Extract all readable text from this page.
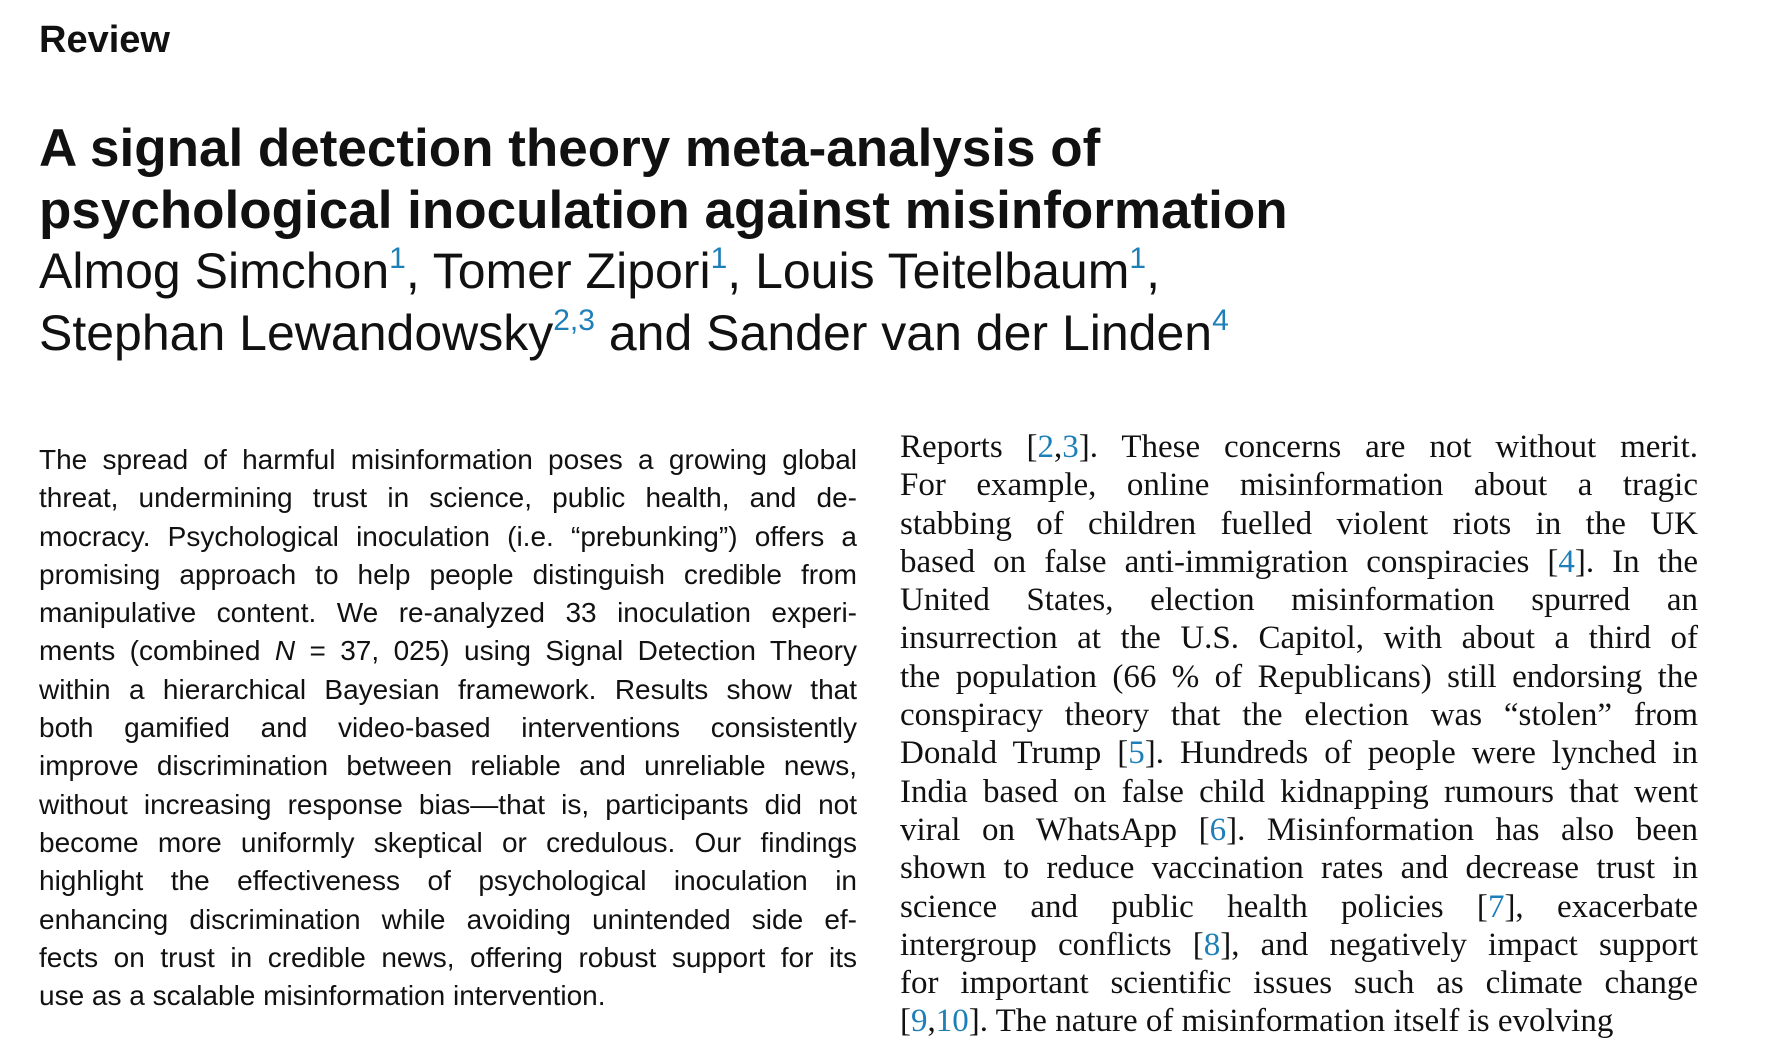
Review
A signal detection theory meta-analysis of
psychological inoculation against misinformation
Almog Simchon$^1$, Tomer Zipori$^1$, Louis Teitelbaum$^1$,
Stephan Lewandowsky$^{2,3}$ and Sander van der Linden$^4$
The spread of harmful misinformation poses a growing global
threat, undermining trust in science, public health, and de-
mocracy. Psychological inoculation (i.e. “prebunking”) offers a
promising approach to help people distinguish credible from
manipulative content. We re-analyzed 33 inoculation experi-
ments (combined N = 37, 025) using Signal Detection Theory
within a hierarchical Bayesian framework. Results show that
both gamified and video-based interventions consistently
improve discrimination between reliable and unreliable news,
without increasing response bias—that is, participants did not
become more uniformly skeptical or credulous. Our findings
highlight the effectiveness of psychological inoculation in
enhancing discrimination while avoiding unintended side ef-
fects on trust in credible news, offering robust support for its
use as a scalable misinformation intervention.
Reports [2,3]. These concerns are not without merit.
For example, online misinformation about a tragic
stabbing of children fuelled violent riots in the UK
based on false anti-immigration conspiracies [4]. In the
United States, election misinformation spurred an
insurrection at the U.S. Capitol, with about a third of
the population (66 % of Republicans) still endorsing the
conspiracy theory that the election was “stolen” from
Donald Trump [5]. Hundreds of people were lynched in
India based on false child kidnapping rumours that went
viral on WhatsApp [6]. Misinformation has also been
shown to reduce vaccination rates and decrease trust in
science and public health policies [7], exacerbate
intergroup conflicts [8], and negatively impact support
for important scientific issues such as climate change
[9,10]. The nature of misinformation itself is evolving
